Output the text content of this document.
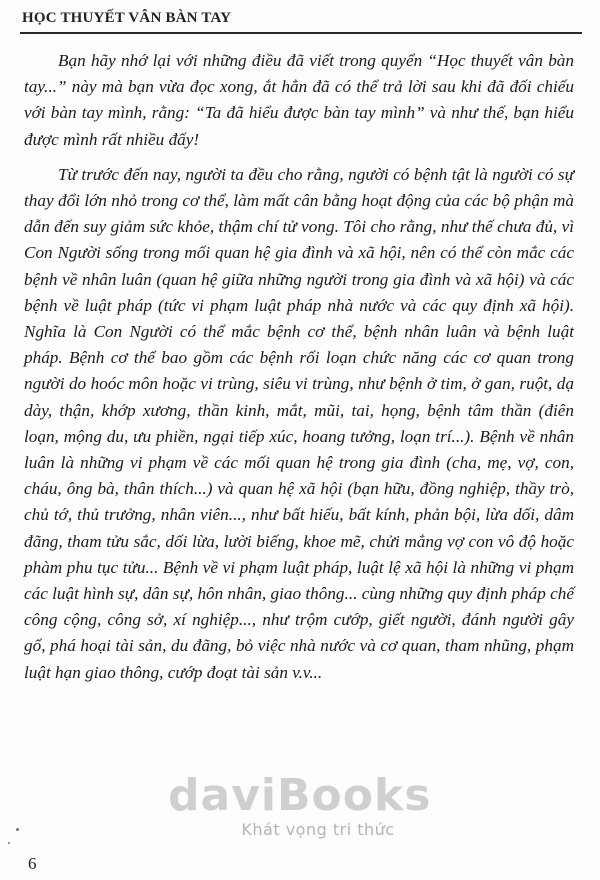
HỌC THUYẾT VÂN BÀN TAY

Bạn hãy nhớ lại với những điều đã viết trong quyển “Học thuyết vân bàn tay...” này mà bạn vừa đọc xong, ắt hẳn đã có thể trả lời sau khi đã đối chiếu với bàn tay mình, rằng: “Ta đã hiểu được bàn tay mình” và như thế, bạn hiểu được mình rất nhiều đấy!

Từ trước đến nay, người ta đều cho rằng, người có bệnh tật là người có sự thay đổi lớn nhỏ trong cơ thể, làm mất cân bằng hoạt động của các bộ phận mà dẫn đến suy giảm sức khỏe, thậm chí tử vong. Tôi cho rằng, như thế chưa đủ, vì Con Người sống trong mối quan hệ gia đình và xã hội, nên có thể còn mắc các bệnh về nhân luân (quan hệ giữa những người trong gia đình và xã hội) và các bệnh về luật pháp (tức vi phạm luật pháp nhà nước và các quy định xã hội). Nghĩa là Con Người có thể mắc bệnh cơ thể, bệnh nhân luân và bệnh luật pháp. Bệnh cơ thể bao gồm các bệnh rối loạn chức năng các cơ quan trong người do hoóc môn hoặc vi trùng, siêu vi trùng, như bệnh ở tim, ở gan, ruột, dạ dày, thận, khớp xương, thần kinh, mắt, mũi, tai, họng, bệnh tâm thần (điên loạn, mộng du, ưu phiền, ngại tiếp xúc, hoang tưởng, loạn trí...). Bệnh về nhân luân là những vi phạm về các mối quan hệ trong gia đình (cha, mẹ, vợ, con, cháu, ông bà, thân thích...) và quan hệ xã hội (bạn hữu, đồng nghiệp, thầy trò, chủ tớ, thủ trưởng, nhân viên..., như bất hiếu, bất kính, phản bội, lừa dối, dâm đãng, tham tửu sắc, dối lừa, lười biếng, khoe mẽ, chửi mắng vợ con vô độ hoặc phàm phu tục tửu... Bệnh về vi phạm luật pháp, luật lệ xã hội là những vi phạm các luật hình sự, dân sự, hôn nhân, giao thông... cùng những quy định pháp chế công cộng, công sở, xí nghiệp..., như trộm cướp, giết người, đánh người gây gổ, phá hoại tài sản, du đãng, bỏ việc nhà nước và cơ quan, tham nhũng, phạm luật hạn giao thông, cướp đoạt tài sản v.v...

daviBooks
Khát vọng tri thức
6
